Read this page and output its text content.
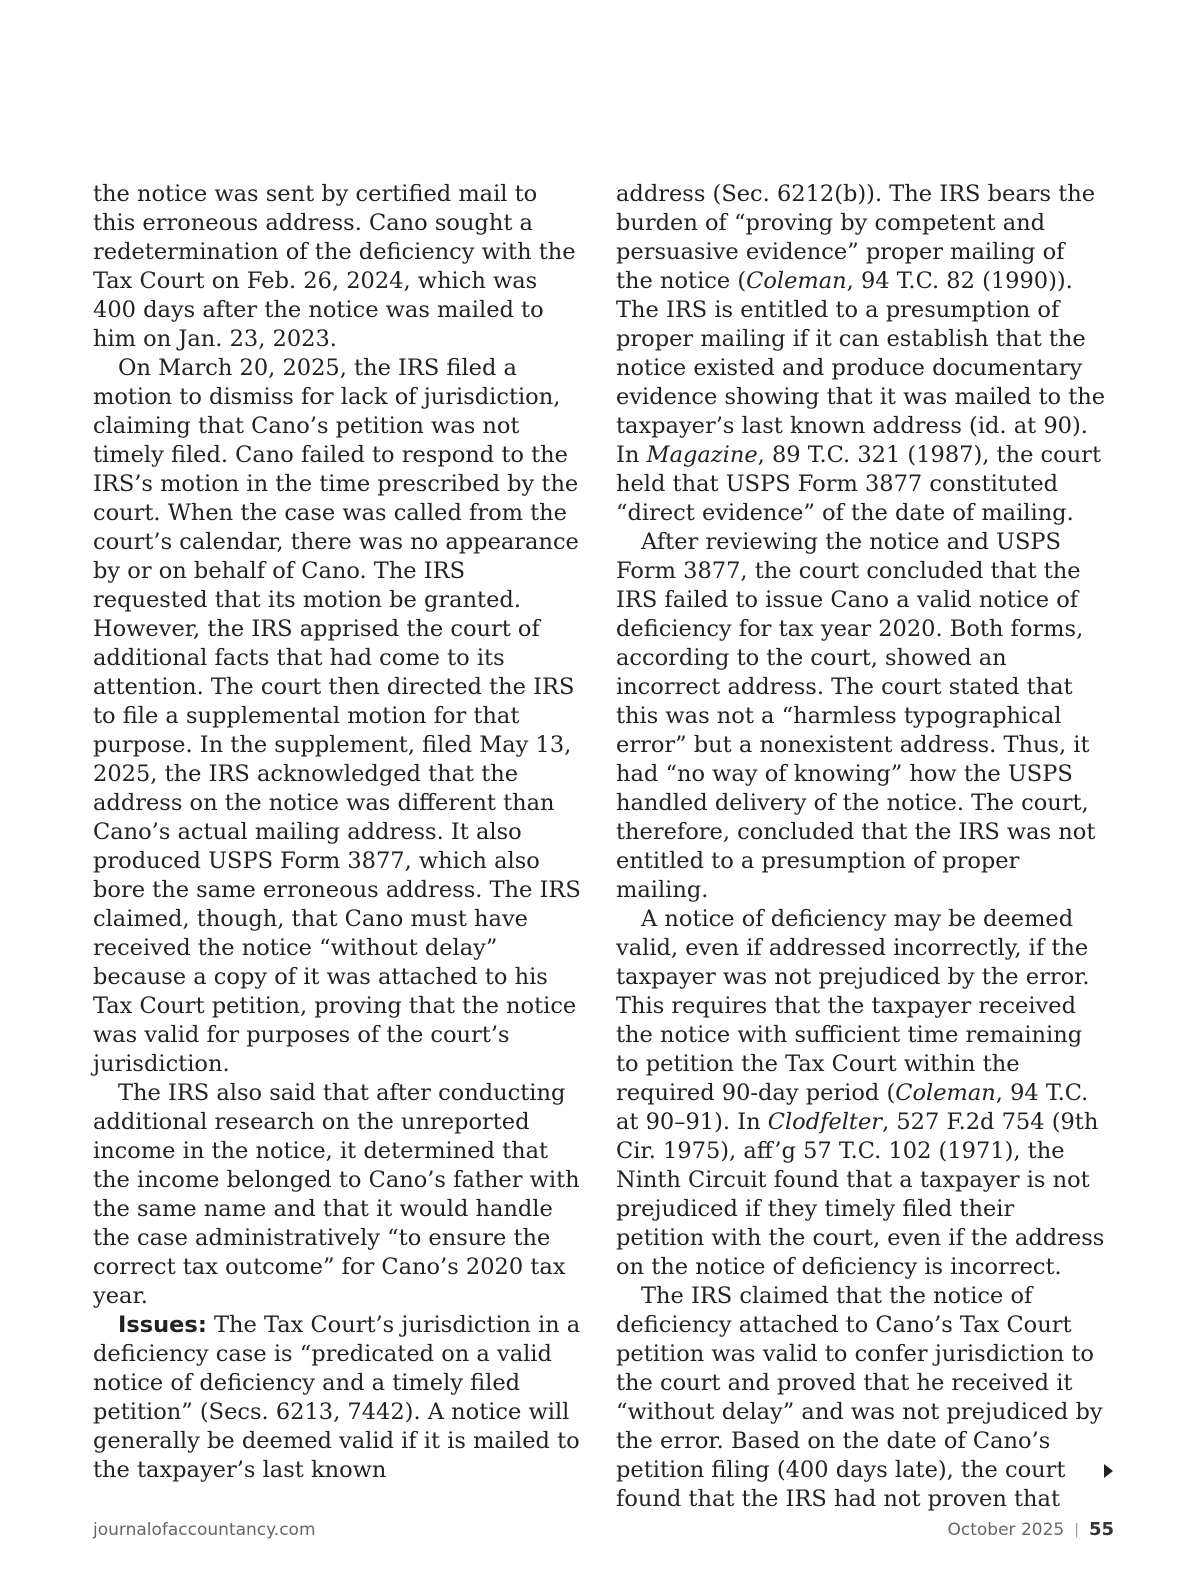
the notice was sent by certified mail to this erroneous address. Cano sought a redetermination of the deficiency with the Tax Court on Feb. 26, 2024, which was 400 days after the notice was mailed to him on Jan. 23, 2023.

On March 20, 2025, the IRS filed a motion to dismiss for lack of jurisdiction, claiming that Cano’s petition was not timely filed. Cano failed to respond to the IRS’s motion in the time prescribed by the court. When the case was called from the court’s calendar, there was no appearance by or on behalf of Cano. The IRS requested that its motion be granted. However, the IRS apprised the court of additional facts that had come to its attention. The court then directed the IRS to file a supplemental motion for that purpose. In the supplement, filed May 13, 2025, the IRS acknowledged that the address on the notice was different than Cano’s actual mailing address. It also produced USPS Form 3877, which also bore the same erroneous address. The IRS claimed, though, that Cano must have received the notice “without delay” because a copy of it was attached to his Tax Court petition, proving that the notice was valid for purposes of the court’s jurisdiction.

The IRS also said that after conducting additional research on the unreported income in the notice, it determined that the income belonged to Cano’s father with the same name and that it would handle the case administratively “to ensure the correct tax outcome” for Cano’s 2020 tax year.

Issues: The Tax Court’s jurisdiction in a deficiency case is “predicated on a valid notice of deficiency and a timely filed petition” (Secs. 6213, 7442). A notice will generally be deemed valid if it is mailed to the taxpayer’s last known

address (Sec. 6212(b)). The IRS bears the burden of “proving by competent and persuasive evidence” proper mailing of the notice (Coleman, 94 T.C. 82 (1990)). The IRS is entitled to a presumption of proper mailing if it can establish that the notice existed and produce documentary evidence showing that it was mailed to the taxpayer’s last known address (id. at 90). In Magazine, 89 T.C. 321 (1987), the court held that USPS Form 3877 constituted “direct evidence” of the date of mailing.

After reviewing the notice and USPS Form 3877, the court concluded that the IRS failed to issue Cano a valid notice of deficiency for tax year 2020. Both forms, according to the court, showed an incorrect address. The court stated that this was not a “harmless typographical error” but a nonexistent address. Thus, it had “no way of knowing” how the USPS handled delivery of the notice. The court, therefore, concluded that the IRS was not entitled to a presumption of proper mailing.

A notice of deficiency may be deemed valid, even if addressed incorrectly, if the taxpayer was not prejudiced by the error. This requires that the taxpayer received the notice with sufficient time remaining to petition the Tax Court within the required 90-day period (Coleman, 94 T.C. at 90–91). In Clodfelter, 527 F.2d 754 (9th Cir. 1975), aff’g 57 T.C. 102 (1971), the Ninth Circuit found that a taxpayer is not prejudiced if they timely filed their petition with the court, even if the address on the notice of deficiency is incorrect.

The IRS claimed that the notice of deficiency attached to Cano’s Tax Court petition was valid to confer jurisdiction to the court and proved that he received it “without delay” and was not prejudiced by the error. Based on the date of Cano’s petition filing (400 days late), the court found that the IRS had not proven that

journalofaccountancy.com	October 2025 | 55
